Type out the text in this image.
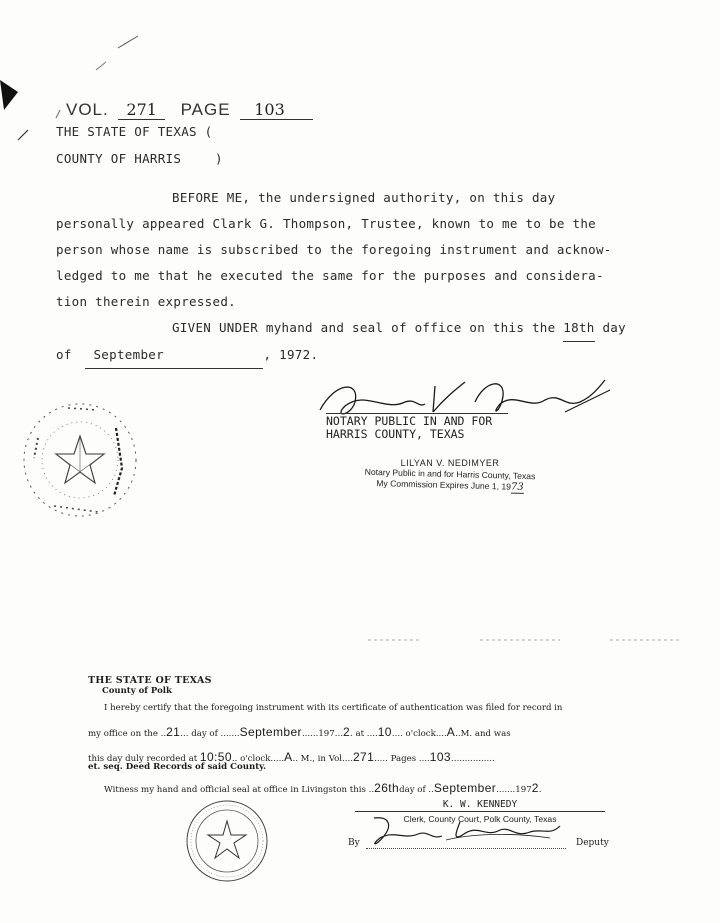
VOL. 271 PAGE 103
THE STATE OF TEXAS (
COUNTY OF HARRIS	)
BEFORE ME, the undersigned authority, on this day
personally appeared Clark G. Thompson, Trustee, known to me to be the
person whose name is subscribed to the foregoing instrument and acknow-
ledged to me that he executed the same for the purposes and considera-
tion therein expressed.
GIVEN UNDER myhand and seal of office on this the 18th day
of September	, 1972.
NOTARY PUBLIC IN AND FOR
HARRIS COUNTY, TEXAS
LILYAN V. NEDIMYER
Notary Public in and for Harris County, Texas
My Commission Expires June 1, 1973
THE STATE OF TEXAS
County of Polk
I hereby certify that the foregoing instrument with its certificate of authentication was filed for record in
my office on the ..21... day of .......September......197...2. at ....10.... o'clock....A..M. and was
this day duly recorded at 10:50.. o'clock.....A.. M., in Vol....271..... Pages ....103................
et. seq. Deed Records of said County.
Witness my hand and official seal at office in Livingston this ..26thday of ..September.......1972.
K. W. KENNEDY
Clerk, County Court, Polk County, Texas
By	Deputy
